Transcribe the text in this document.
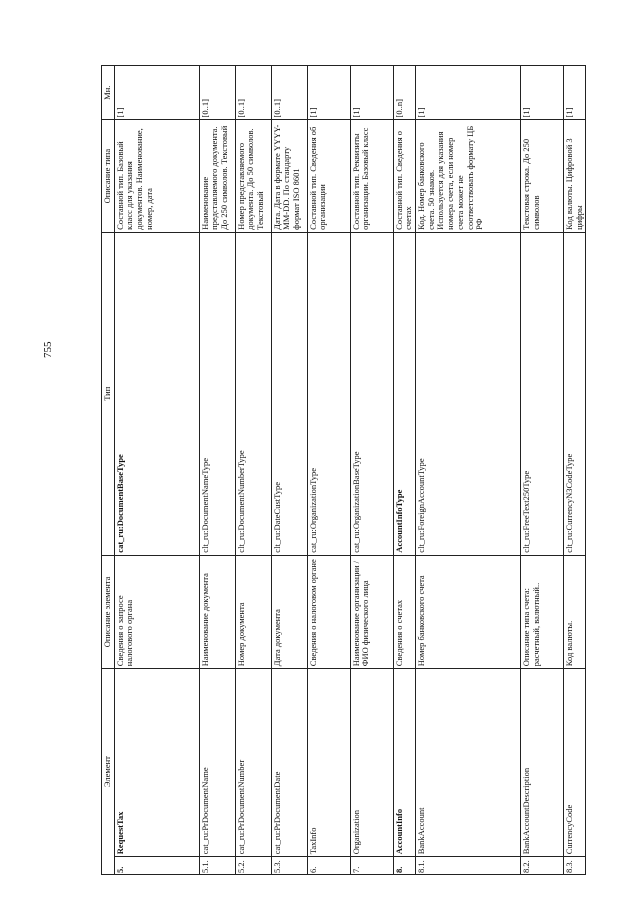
755
Элемент		Описание элемента	Тип	Описание типа	Мн.
5.	RequestTax	Сведения о запросе налогового органа	cat_ru:DocumentBaseType	Составной тип. Базовый класс для указания документов. Наименование, номер, дата	[1]
5.1.	cat_ru:PrDocumentName	Наименование документа	clt_ru:DocumentNameType	Наименование представляемого документа. До 250 символов. Текстовый	[0..1]
5.2.	cat_ru:PrDocumentNumber	Номер документа	clt_ru:DocumentNumberType	Номер представляемого документа. До 50 символов. Текстовый	[0..1]
5.3.	cat_ru:PrDocumentDate	Дата документа	clt_ru:DateCustType	Дата. Дата в формате YYYY-MM-DD. По стандарту формат ISO 8601	[0..1]
6.	TaxInfo	Сведения о налоговом органе	cat_ru:OrganizationType	Составной тип. Сведения об организации	[1]
7.	Organization	Наименование организации / ФИО физического лица	cat_ru:OrganizationBaseType	Составной тип. Реквизиты организации. Базовый класс	[1]
8.	AccountInfo	Сведения о счетах	AccountInfoType	Составной тип. Сведения о счетах	[0..n]
8.1.	BankAccount	Номер банковского счета	clt_ru:ForeignAccountType	Код. Номер банковского счета. 50 знаков. Используется для указания номера счета, если номер счета может не соответствовать формату ЦБ РФ	[1]
8.2.	BankAccountDescription	Описание типа счета: расчетный, валютный..	clt_ru:FreeText250Type	Текстовая строка. До 250 символов	[1]
8.3.	CurrencyCode	Код валюты.	clt_ru:CurrencyN3CodeType	Код валюты. Цифровой 3 цифры	[1]
